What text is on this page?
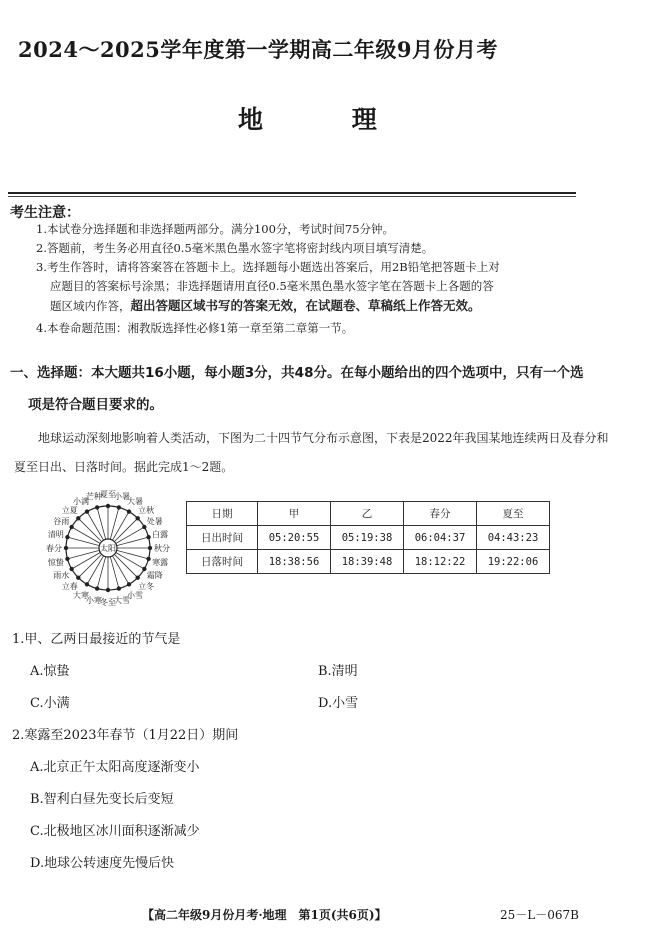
2024～2025学年度第一学期高二年级9月份月考
地 理
考生注意：
1.本试卷分选择题和非选择题两部分。满分100分，考试时间75分钟。
2.答题前，考生务必用直径0.5毫米黑色墨水签字笔将密封线内项目填写清楚。
3.考生作答时，请将答案答在答题卡上。选择题每小题选出答案后，用2B铅笔把答题卡上对
应题目的答案标号涂黑；非选择题请用直径0.5毫米黑色墨水签字笔在答题卡上各题的答
题区域内作答，超出答题区域书写的答案无效，在试题卷、草稿纸上作答无效。
4.本卷命题范围：湘教版选择性必修1第一章至第二章第一节。
一、选择题：本大题共16小题，每小题3分，共48分。在每小题给出的四个选项中，只有一个选
项是符合题目要求的。
地球运动深刻地影响着人类活动，下图为二十四节气分布示意图，下表是2022年我国某地连续两日及春分和夏至日出、日落时间。据此完成1～2题。
春分
清明
谷雨
立夏
小满
芒种
夏至
小暑
大暑
立秋
处暑
白露
秋分
寒露
霜降
立冬
小雪
大雪
冬至
小寒
大寒
立春
雨水
惊蛰
太阳
日期	甲	乙	春分	夏至
日出时间	05:20:55	05:19:38	06:04:37	04:43:23
日落时间	18:38:56	18:39:48	18:12:22	19:22:06
1.甲、乙两日最接近的节气是
A.惊蛰	B.清明
C.小满	D.小雪
2.寒露至2023年春节（1月22日）期间
A.北京正午太阳高度逐渐变小
B.智利白昼先变长后变短
C.北极地区冰川面积逐渐减少
D.地球公转速度先慢后快
【高二年级9月份月考·地理　第1页(共6页)】	25－L－067B
